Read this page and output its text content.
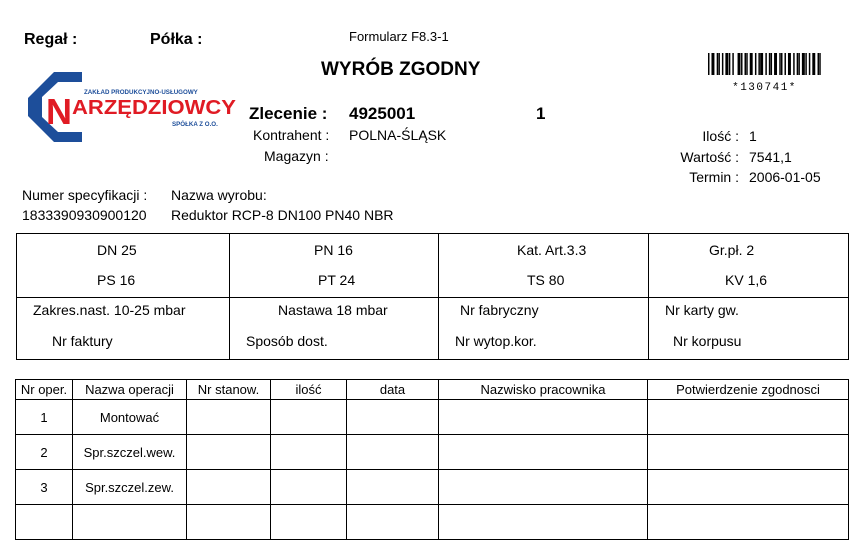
Regał :	Półka :	Formularz F8.3-1
WYRÓB ZGODNY
*130741*
N ZAKŁAD PRODUKCYJNO-USŁUGOWY
ARZĘDZIOWCY
SPÓŁKA Z O.O.
Zlecenie : 4925001	1
Kontrahent : POLNA-ŚLĄSK
Magazyn :
Ilość : 1
Wartość : 7541,1
Termin : 2006-01-05
Numer specyfikacji : Nazwa wyrobu:
1833390930900120 Reduktor RCP-8 DN100 PN40 NBR
DN 25	PN 16	Kat. Art.3.3	Gr.pł. 2
PS 16	PT 24	TS 80	KV 1,6
Zakres.nast. 10-25 mbar	Nastawa 18 mbar	Nr fabryczny	Nr karty gw.
Nr faktury	Sposób dost.	Nr wytop.kor.	Nr korpusu
Nr oper.	Nazwa operacji	Nr stanow.	ilość	data	Nazwisko pracownika	Potwierdzenie zgodnosci
1	Montować					
2	Spr.szczel.wew.					
3	Spr.szczel.zew.					
